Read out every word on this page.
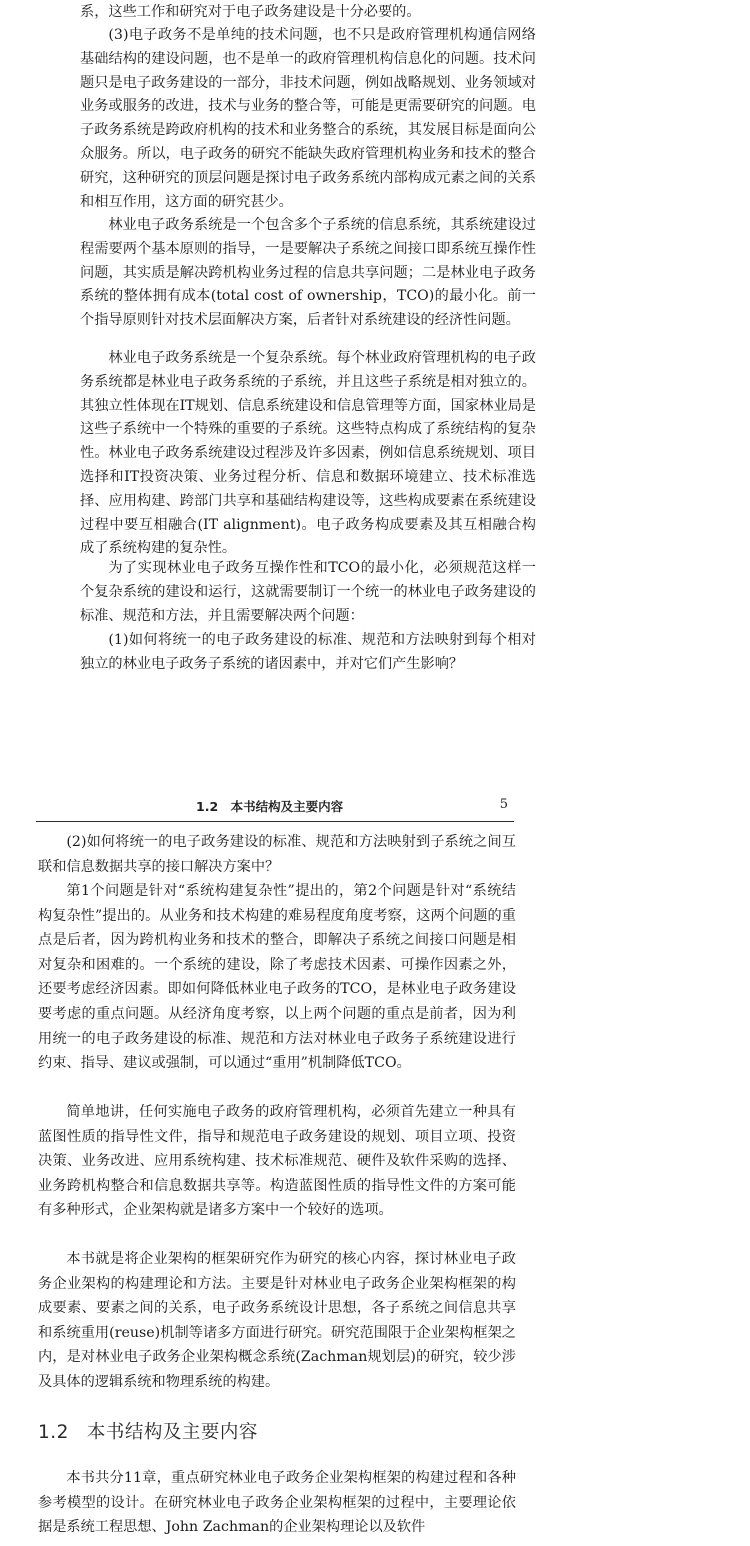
系，这些工作和研究对于电子政务建设是十分必要的。

(3)电子政务不是单纯的技术问题，也不只是政府管理机构通信网络基础结构的建设问题，也不是单一的政府管理机构信息化的问题。技术问题只是电子政务建设的一部分，非技术问题，例如战略规划、业务领域对业务或服务的改进，技术与业务的整合等，可能是更需要研究的问题。电子政务系统是跨政府机构的技术和业务整合的系统，其发展目标是面向公众服务。所以，电子政务的研究不能缺失政府管理机构业务和技术的整合研究，这种研究的顶层问题是探讨电子政务系统内部构成元素之间的关系和相互作用，这方面的研究甚少。

林业电子政务系统是一个包含多个子系统的信息系统，其系统建设过程需要两个基本原则的指导，一是要解决子系统之间接口即系统互操作性问题，其实质是解决跨机构业务过程的信息共享问题；二是林业电子政务系统的整体拥有成本(total cost of ownership，TCO)的最小化。前一个指导原则针对技术层面解决方案，后者针对系统建设的经济性问题。

林业电子政务系统是一个复杂系统。每个林业政府管理机构的电子政务系统都是林业电子政务系统的子系统，并且这些子系统是相对独立的。其独立性体现在IT规划、信息系统建设和信息管理等方面，国家林业局是这些子系统中一个特殊的重要的子系统。这些特点构成了系统结构的复杂性。林业电子政务系统建设过程涉及许多因素，例如信息系统规划、项目选择和IT投资决策、业务过程分析、信息和数据环境建立、技术标准选择、应用构建、跨部门共享和基础结构建设等，这些构成要素在系统建设过程中要互相融合(IT alignment)。电子政务构成要素及其互相融合构成了系统构建的复杂性。

为了实现林业电子政务互操作性和TCO的最小化，必须规范这样一个复杂系统的建设和运行，这就需要制订一个统一的林业电子政务建设的标准、规范和方法，并且需要解决两个问题：

(1)如何将统一的电子政务建设的标准、规范和方法映射到每个相对独立的林业电子政务子系统的诸因素中，并对它们产生影响？

1.2　本书结构及主要内容	5

(2)如何将统一的电子政务建设的标准、规范和方法映射到子系统之间互联和信息数据共享的接口解决方案中？

第1个问题是针对“系统构建复杂性”提出的，第2个问题是针对“系统结构复杂性”提出的。从业务和技术构建的难易程度角度考察，这两个问题的重点是后者，因为跨机构业务和技术的整合，即解决子系统之间接口问题是相对复杂和困难的。一个系统的建设，除了考虑技术因素、可操作因素之外，还要考虑经济因素。即如何降低林业电子政务的TCO，是林业电子政务建设要考虑的重点问题。从经济角度考察，以上两个问题的重点是前者，因为利用统一的电子政务建设的标准、规范和方法对林业电子政务子系统建设进行约束、指导、建议或强制，可以通过“重用”机制降低TCO。

简单地讲，任何实施电子政务的政府管理机构，必须首先建立一种具有蓝图性质的指导性文件，指导和规范电子政务建设的规划、项目立项、投资决策、业务改进、应用系统构建、技术标准规范、硬件及软件采购的选择、业务跨机构整合和信息数据共享等。构造蓝图性质的指导性文件的方案可能有多种形式，企业架构就是诸多方案中一个较好的选项。

本书就是将企业架构的框架研究作为研究的核心内容，探讨林业电子政务企业架构的构建理论和方法。主要是针对林业电子政务企业架构框架的构成要素、要素之间的关系，电子政务系统设计思想，各子系统之间信息共享和系统重用(reuse)机制等诸多方面进行研究。研究范围限于企业架构框架之内，是对林业电子政务企业架构概念系统(Zachman规划层)的研究，较少涉及具体的逻辑系统和物理系统的构建。

1.2 本书结构及主要内容

本书共分11章，重点研究林业电子政务企业架构框架的构建过程和各种参考模型的设计。在研究林业电子政务企业架构框架的过程中，主要理论依据是系统工程思想、John Zachman的企业架构理论以及软件
